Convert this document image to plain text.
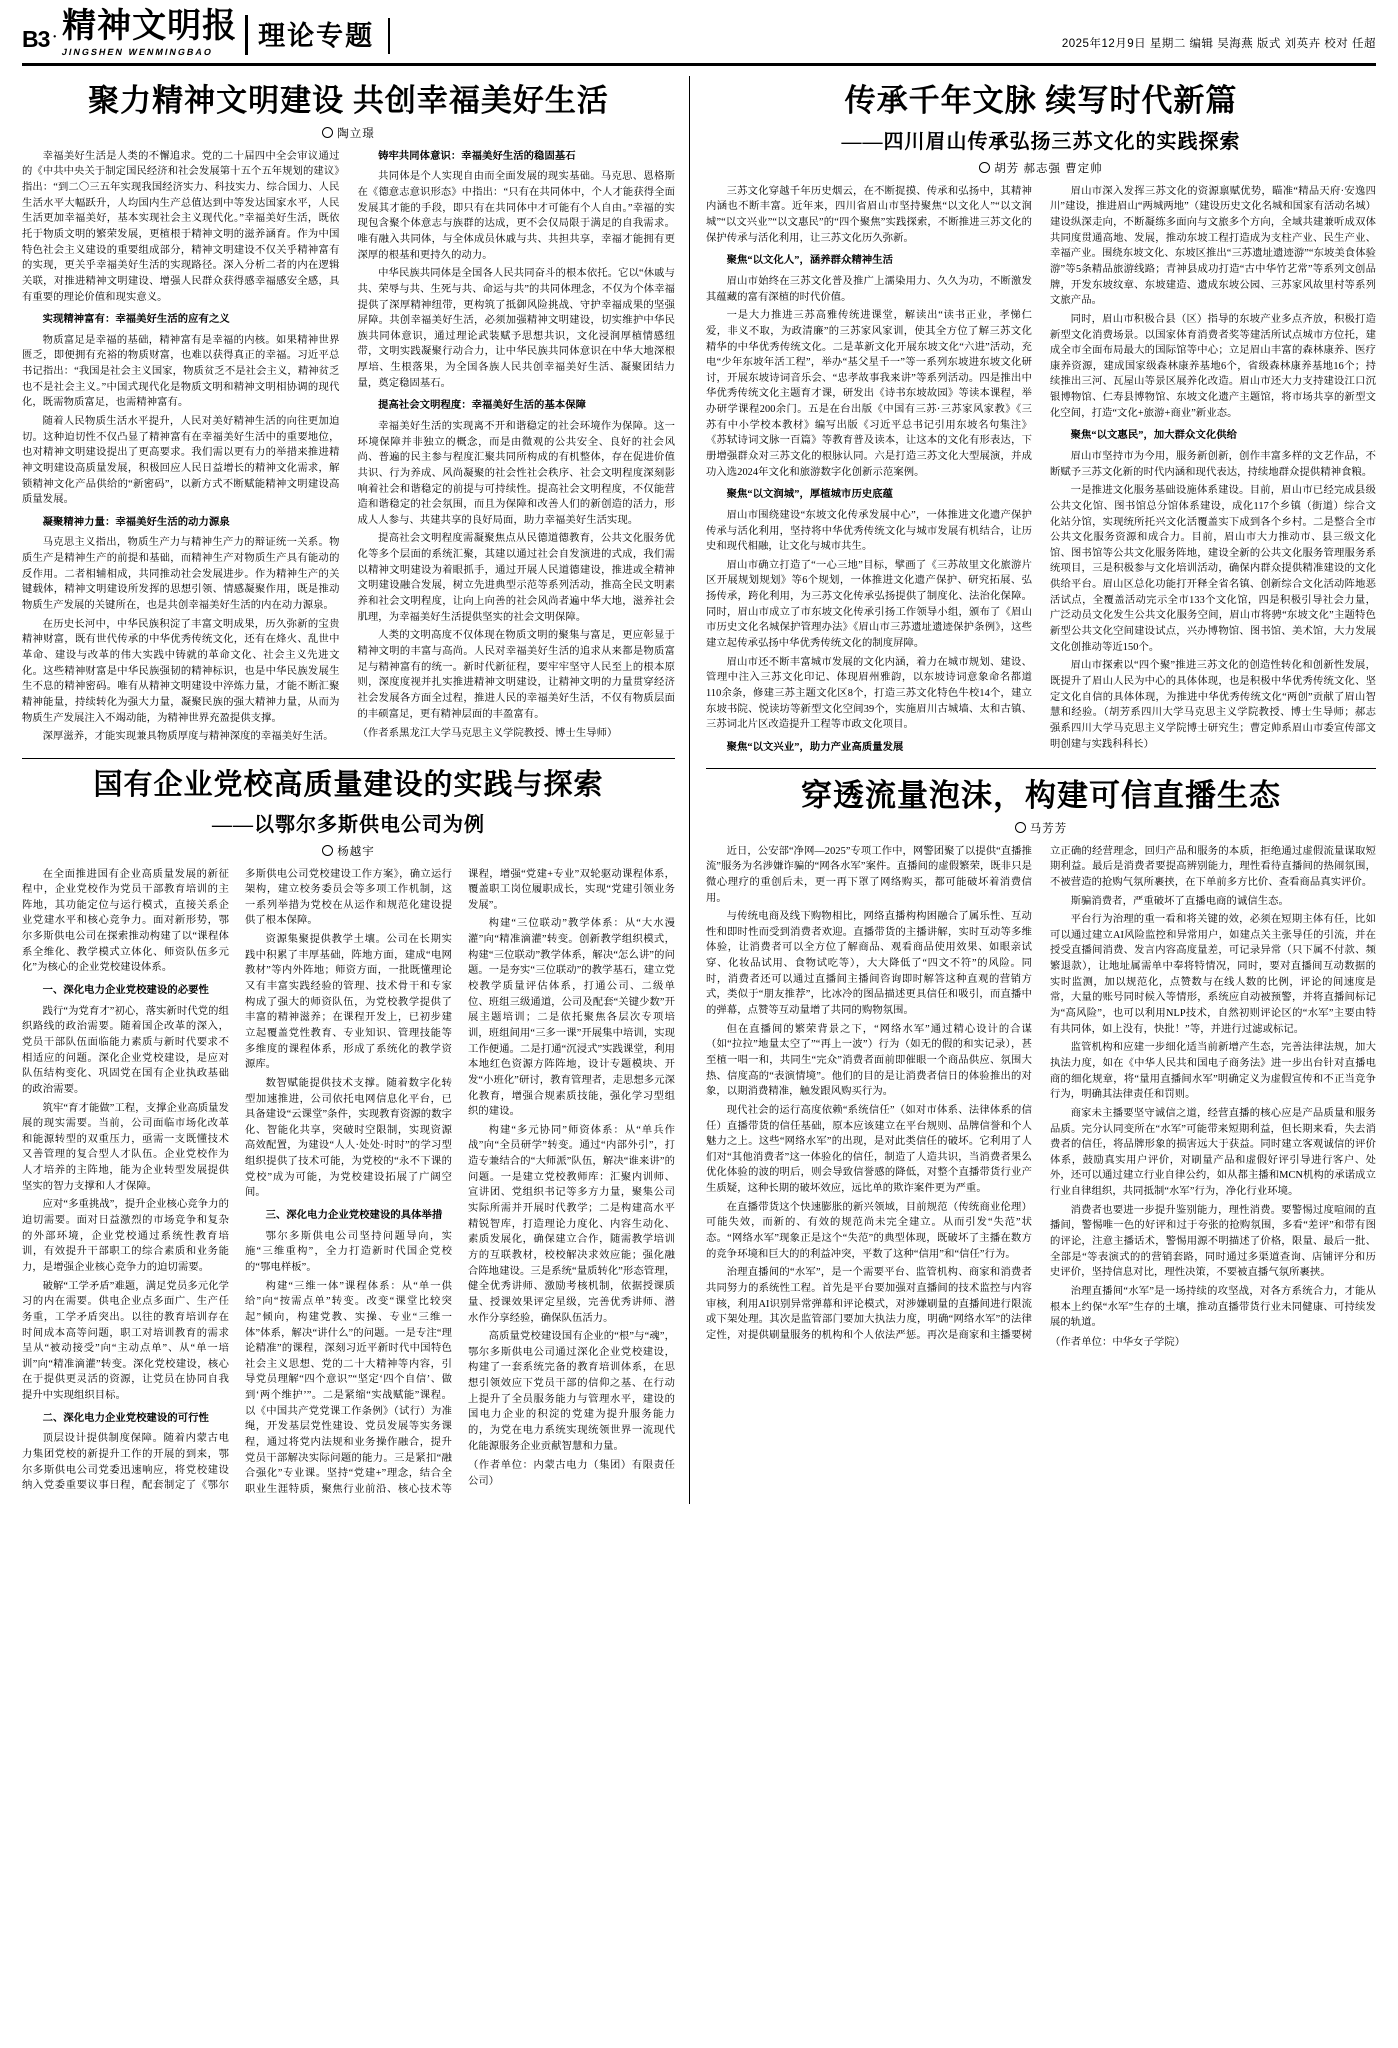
B3 · 精神文明报
JINGSHEN WENMINGBAO
理论专题	2025年12月9日 星期二 编辑 吴海燕 版式 刘英卉 校对 任超
聚力精神文明建设 共创幸福美好生活
陶立璟

幸福美好生活是人类的不懈追求。党的二十届四中全会审议通过的《中共中央关于制定国民经济和社会发展第十五个五年规划的建议》指出：“到二〇三五年实现我国经济实力、科技实力、综合国力、人民生活水平大幅跃升，人均国内生产总值达到中等发达国家水平，人民生活更加幸福美好，基本实现社会主义现代化。”幸福美好生活，既依托于物质文明的繁荣发展，更植根于精神文明的滋养涵育。作为中国特色社会主义建设的重要组成部分，精神文明建设不仅关乎精神富有的实现，更关乎幸福美好生活的实现路径。深入分析二者的内在逻辑关联，对推进精神文明建设、增强人民群众获得感幸福感安全感，具有重要的理论价值和现实意义。

实现精神富有：幸福美好生活的应有之义

物质富足是幸福的基础，精神富有是幸福的内核。如果精神世界匮乏，即便拥有充裕的物质财富，也难以获得真正的幸福。习近平总书记指出：“我国是社会主义国家，物质贫乏不是社会主义，精神贫乏也不是社会主义。”中国式现代化是物质文明和精神文明相协调的现代化，既需物质富足，也需精神富有。

随着人民物质生活水平提升，人民对美好精神生活的向往更加迫切。这种迫切性不仅凸显了精神富有在幸福美好生活中的重要地位，也对精神文明建设提出了更高要求。我们需以更有力的举措来推进精神文明建设高质量发展，积极回应人民日益增长的精神文化需求，解锁精神文化产品供给的“新密码”，以新方式不断赋能精神文明建设高质量发展。

凝聚精神力量：幸福美好生活的动力源泉

马克思主义指出，物质生产力与精神生产力的辩证统一关系。物质生产是精神生产的前提和基础，而精神生产对物质生产具有能动的反作用。二者相辅相成，共同推动社会发展进步。作为精神生产的关键载体，精神文明建设所发挥的思想引领、情感凝聚作用，既是推动物质生产发展的关键所在，也是共创幸福美好生活的内在动力源泉。

在历史长河中，中华民族积淀了丰富文明成果，历久弥新的宝贵精神财富，既有世代传承的中华优秀传统文化，还有在烽火、乱世中革命、建设与改革的伟大实践中铸就的革命文化、社会主义先进文化。这些精神财富是中华民族强韧的精神标识，也是中华民族发展生生不息的精神密码。唯有从精神文明建设中淬炼力量，才能不断汇聚精神能量，持续转化为强大力量，凝聚民族的强大精神力量，从而为物质生产发展注入不竭动能，为精神世界充盈提供支撑。

深厚滋养，才能实现兼具物质厚度与精神深度的幸福美好生活。

铸牢共同体意识：幸福美好生活的稳固基石

共同体是个人实现自由而全面发展的现实基础。马克思、恩格斯在《德意志意识形态》中指出：“只有在共同体中，个人才能获得全面发展其才能的手段，即只有在共同体中才可能有个人自由。”幸福的实现包含聚个体意志与族群的达成，更不会仅局限于满足的自我需求。唯有融入共同体，与全体成员休戚与共、共担共享，幸福才能拥有更深厚的根基和更持久的动力。

中华民族共同体是全国各人民共同奋斗的根本依托。它以“休戚与共、荣辱与共、生死与共、命运与共”的共同体理念，不仅为个体幸福提供了深厚精神纽带，更构筑了抵御风险挑战、守护幸福成果的坚强屏障。共创幸福美好生活，必须加强精神文明建设，切实维护中华民族共同体意识，通过理论武装赋予思想共识，文化浸润厚植情感纽带，文明实践凝聚行动合力，让中华民族共同体意识在中华大地深根厚培、生根落果，为全国各族人民共创幸福美好生活、凝聚团结力量，奠定稳固基石。

提高社会文明程度：幸福美好生活的基本保障

幸福美好生活的实现离不开和谐稳定的社会环境作为保障。这一环境保障并非独立的概念，而是由微观的公共安全、良好的社会风尚、普遍的民主参与程度汇聚共同所构成的有机整体，存在促进价值共识、行为养成、风尚凝聚的社会性社会秩序、社会文明程度深刻影响着社会和谐稳定的前提与可持续性。提高社会文明程度，不仅能营造和谐稳定的社会氛围，而且为保障和改善人们的新创造的活力，形成人人参与、共建共享的良好局面，助力幸福美好生活实现。

提高社会文明程度需凝聚焦点从民德道德教育，公共文化服务优化等多个层面的系统汇聚，其建以通过社会自发演进的式成，我们需以精神文明建设为着眼抓手，通过开展人民道德建设，推进或全精神文明建设融合发展，树立先进典型示范等系列活动，推高全民文明素养和社会文明程度，让向上向善的社会风尚者遍中华大地，滋养社会肌理，为幸福美好生活提供坚实的社会文明保障。

人类的文明高度不仅体现在物质文明的聚集与富足，更应彰显于精神文明的丰富与高尚。人民对幸福美好生活的追求从来都是物质富足与精神富有的统一。新时代新征程，要牢牢坚守人民至上的根本原则，深度度视并扎实推进精神文明建设，让精神文明的力量贯穿经济社会发展各方面全过程，推进人民的幸福美好生活，不仅有物质层面的丰硕富足，更有精神层面的丰盈富有。

（作者系黑龙江大学马克思主义学院教授、博士生导师）

国有企业党校高质量建设的实践与探索
——以鄂尔多斯供电公司为例
杨越宇

在全面推进国有企业高质量发展的新征程中，企业党校作为党员干部教育培训的主阵地，其功能定位与运行模式，直接关系企业党建水平和核心竞争力。面对新形势，鄂尔多斯供电公司在探索推动构建了以“课程体系全维化、教学模式立体化、师资队伍多元化”为核心的企业党校建设体系。

一、深化电力企业党校建设的必要性

践行“为党育才”初心，落实新时代党的组织路线的政治需要。随着国企改革的深入，党员干部队伍面临能力素质与新时代要求不相适应的问题。深化企业党校建设，是应对队伍结构变化、巩固党在国有企业执政基础的政治需要。

筑牢“育才能做”工程，支撑企业高质量发展的现实需要。当前，公司面临市场化改革和能源转型的双重压力，亟需一支既懂技术又善管理的复合型人才队伍。企业党校作为人才培养的主阵地，能为企业转型发展提供坚实的智力支撑和人才保障。

应对“多重挑战”，提升企业核心竞争力的迫切需要。面对日益激烈的市场竞争和复杂的外部环境，企业党校通过系统性教育培训，有效提升干部职工的综合素质和业务能力，是增强企业核心竞争力的迫切需要。

破解“工学矛盾”难题，满足党员多元化学习的内在需要。供电企业点多面广、生产任务重，工学矛盾突出。以往的教育培训存在时间成本高等问题，职工对培训教育的需求呈从“被动接受”向“主动点单”、从“单一培训”向“精准滴灌”转变。深化党校建设，核心在于提供更灵活的资源，让党员在协同自我提升中实现组织目标。

二、深化电力企业党校建设的可行性

顶层设计提供制度保障。随着内蒙古电力集团党校的新提升工作的开展的到来，鄂尔多斯供电公司党委迅速响应，将党校建设纳入党委重要议事日程，配套制定了《鄂尔多斯供电公司党校建设工作方案》，确立运行架构，建立校务委员会等多项工作机制，这一系列举措为党校在从运作和规范化建设提供了根本保障。

资源集聚提供教学土壤。公司在长期实践中积累了丰厚基础，阵地方面，建成“电网教材”等内外阵地；师资方面，一批既懂理论又有丰富实践经验的管理、技术骨干和专家构成了强大的师资队伍，为党校教学提供了丰富的精神滋养；在课程开发上，已初步建立起覆盖党性教育、专业知识、管理技能等多维度的课程体系，形成了系统化的教学资源库。

数智赋能提供技术支撑。随着数字化转型加速推进，公司依托电网信息化平台，已具备建设“云课堂”条件，实现教育资源的数字化、智能化共享，突破时空限制，实现资源高效配置，为建设“人人·处处·时时”的学习型组织提供了技术可能，为党校的“永不下课的党校”成为可能，为党校建设拓展了广阔空间。

三、深化电力企业党校建设的具体举措

鄂尔多斯供电公司坚持问题导向，实施“三维重构”，全力打造新时代国企党校的“鄂电样板”。

构建“三维一体”课程体系：从“单一供给”向“按需点单”转变。改变“课堂比较突起”倾向，构建党教、实操、专业“三维一体”体系，解决“讲什么”的问题。一是专注“理论精准”的课程，深刻习近平新时代中国特色社会主义思想、党的二十大精神等内容，引导党员理解“四个意识”“坚定‘四个自信’、做到‘两个维护’”。二是紧缩“实战赋能”课程。以《中国共产党党课工作条例》（试行）为准绳，开发基层党性建设、党员发展等实务课程，通过将党内法规和业务操作融合，提升党员干部解决实际问题的能力。三是紧扣“融合强化”专业课。坚持“党建+”理念，结合全职业生涯特质，聚焦行业前沿、核心技术等课程，增强“党建+专业”双轮驱动课程体系，覆盖职工岗位履职成长，实现“党建引领业务发展”。

构建“三位联动”教学体系：从“大水漫灌”向“精准滴灌”转变。创新教学组织模式，构建“三位联动”教学体系，解决“怎么讲”的问题。一是夯实“三位联动”的教学基石，建立党校教学质量评估体系，打通公司、二级单位、班组三级通道，公司及配套“关键少数”开展主题培训；二是依托聚焦各层次专项培训，班组间用“三多一课”开展集中培训，实现工作便通。二是打通“沉浸式”实践课堂，利用本地红色资源方阵阵地，设计专题模块、开发“小班化”研讨，教育管理者，走思想多元深化教育，增强合规素质技能，强化学习型组织的建设。

构建“多元协同”师资体系：从“单兵作战”向“全员研学”转变。通过“内部外引”，打造专兼结合的“大师派”队伍，解决“谁来讲”的问题。一是建立党校教师库：汇聚内训师、宣讲团、党组织书记等多方力量，聚集公司实际所需并开展时代教学；二是构建高水平精锐智库，打造理论力度化、内容生动化、素质发展化，确保建立合作，随需教学培训方的互联教材，校校解决求效应能；强化融合阵地建设。三是系统“量质转化”形态管理，健全优秀讲师、激励考核机制，依据授课质量、授课效果评定星级，完善优秀讲师、潜水作分享经验，确保队伍活力。

高质量党校建设国有企业的“根”与“魂”，鄂尔多斯供电公司通过深化企业党校建设，构建了一套系统完备的教育培训体系，在思想引领效应下党员干部的信仰之基、在行动上提升了全员服务能力与管理水平，建设的国电力企业的积淀的党建为提升服务能力的，为党在电力系统实现统领世界一流现代化能源服务企业贡献智慧和力量。

（作者单位：内蒙古电力（集团）有限责任公司）

传承千年文脉 续写时代新篇
——四川眉山传承弘扬三苏文化的实践探索
胡芳 郝志强 曹定帅

三苏文化穿越千年历史烟云，在不断捉摸、传承和弘扬中，其精神内涵也不断丰富。近年来，四川省眉山市坚持聚焦“以文化人”“以文润城”“以文兴业”“以文惠民”的“四个聚焦”实践探索，不断推进三苏文化的保护传承与活化利用，让三苏文化历久弥新。

聚焦“以文化人”，涵养群众精神生活

眉山市始终在三苏文化普及推广上濡染用力、久久为功，不断激发其蕴藏的富有深植的时代价值。

一是大力推进三苏高雅传统进课堂，解读出“读书正业，孝悌仁爱，非义不取，为政清廉”的三苏家风家训，使其全方位了解三苏文化精华的中华优秀传统文化。二是革新文化开展东坡文化“六进”活动，充电“少年东坡年活工程”，举办“基父星千一”等一系列东坡进东坡文化研讨，开展东坡诗词音乐会、“忠孝故事我来讲”等系列活动。四是推出中华优秀传统文化主题育才课，研发出《诗书东坡故园》等读本课程，举办研学课程200余门。五是在台出版《中国有三苏·三苏家风家教》《三苏有中小学校本教材》编写出版《习近平总书记引用东坡名句集注》《苏轼诗词文脉一百篇》等教育普及读本，让这本的文化有形表达，下册增强群众对三苏文化的根脉认同。六是打造三苏文化大型展演，并成功入选2024年文化和旅游数字化创新示范案例。

聚焦“以文润城”，厚植城市历史底蕴

眉山市围绕建设“东坡文化传承发展中心”，一体推进文化遗产保护传承与活化利用，坚持将中华优秀传统文化与城市发展有机结合，让历史和现代相融，让文化与城市共生。

眉山市确立打造了“一心三地”目标，擘画了《三苏故里文化旅游片区开展规划规划》等6个规划，一体推进文化遗产保护、研究拓展、弘扬传承，跨化利用，为三苏文化传承弘扬提供了制度化、法治化保障。同时，眉山市成立了市东坡文化传承引扬工作领导小组，颁布了《眉山市历史文化名城保护管理办法》《眉山市三苏遗址遗迹保护条例》，这些建立起传承弘扬中华优秀传统文化的制度屏障。

眉山市还不断丰富城市发展的文化内涵，着力在城市规划、建设、管理中注入三苏文化印记、体现眉州雅韵，以东坡诗词意象命名都道110余条，修建三苏主题文化区8个，打造三苏文化特色牛校14个，建立东坡书院、悦读坊等新型文化空间39个，实施眉川古城墙、太和古镇、三苏词北片区改造提升工程等市政文化项目。

聚焦“以文兴业”，助力产业高质量发展

眉山市深入发挥三苏文化的资源禀赋优势，瞄准“精品天府·安逸四川”建设，推进眉山“两城两地”（建设历史文化名城和国家有活动名城）建设纵深走向，不断凝练多面向与文旅多个方向，全域共建兼听成双体共同度贯通高地、发展，推动东坡工程打造成为支柱产业、民生产业、幸福产业。围绕东坡文化、东坡区推出“三苏遗址遗迹游”“东坡美食体验游”等5条精品旅游线路；青神县成功打造“古中华竹艺常”等系列文创品牌，开发东坡纹章、东坡建造、遗成东坡公园、三苏家风故里村等系列文旅产品。

同时，眉山市积极合县（区）指导的东坡产业多点齐放，积极打造新型文化消费场景。以国家体育消费者奖等建活所试点城市方位托，建成全市全面布局最大的国际馆等中心；立足眉山丰富的森林康养、医疗康养资源，建成国家级森林康养基地6个，省级森林康养基地16个；持续推出三河、瓦屋山等景区展养化改造。眉山市还大力支持建设江口沉银博物馆、仁寿县博物馆、东坡文化遗产主题馆，将市场共享的新型文化空间，打造“文化+旅游+商业”新业态。

聚焦“以文惠民”，加大群众文化供给

眉山市坚持市为今用，服务新创新，创作丰富多样的文艺作品，不断赋予三苏文化新的时代内涵和现代表达，持续地群众提供精神食粮。

一是推进文化服务基础设施体系建设。目前，眉山市已经完成县级公共文化馆、图书馆总分馆体系建设，成化117个乡镇（街道）综合文化站分馆，实现统所托兴文化活覆盖实下成到各个乡村。二是整合全市公共文化服务资源和成合力。目前，眉山市大力推动市、县三级文化馆、图书馆等公共文化服务阵地，建设全新的公共文化服务管理服务系统项目，三是积极参与文化培训活动，确保内群众提供精准建设的文化供给平台。眉山区总化功能打开释全省名镇、创新综合文化活动阵地恶活试点，全覆盖活动完示全市133个文化馆，四是积极引导社会力量，广泛动员文化发生公共文化服务空间，眉山市将骋“东坡文化”主题特色新型公共文化空间建设试点，兴办博物馆、图书馆、美术馆，大力发展文化创推动等近150个。

眉山市探索以“四个聚”推进三苏文化的创造性转化和创新性发展，既提升了眉山人民为中心的具体体现，也是积极中华优秀传统文化、坚定文化自信的具体体现，为推进中华优秀传统文化“两创”贡献了眉山智慧和经验。（胡芳系四川大学马克思主义学院教授、博士生导师；郝志强系四川大学马克思主义学院博士研究生；曹定帅系眉山市委宣传部文明创建与实践科科长）

穿透流量泡沫，构建可信直播生态
马芳芳

近日，公安部“净网—2025”专项工作中，网警团聚了以提供“直播推流”服务为名涉嫌诈骗的“网各水军”案件。直播间的虚假繁荣，既非只是微心理疗的重创后未，更一再下罩了网络购买，都可能破坏着消费信用。

与传统电商及线下购物相比，网络直播构构困融合了属乐性、互动性和即时性而受到消费者欢迎。直播带货的主播讲解，实时互动等多维体验，让消费者可以全方位了解商品、观看商品使用效果、如眼亲试穿、化妆品试用、食物试吃等），大大降低了“四文不符”的风险。同时，消费者还可以通过直播间主播间咨询即时解答这种直观的营销方式，类似于“朋友推荐”，比冰冷的图品描述更具信任和吸引，而直播中的弹幕，点赞等互动量增了共同的购物氛围。

但在直播间的繁荣背景之下，“网络水军”通过精心设计的合谋（如“拉拉”地量太空了”“再上一波”）行为（如无的假的和实记录），甚至植一唱一和，共同生“完众”消费者面前即催眼一个商品供应、氛围大热、信度高的“表演情境”。他们的目的是让消费者信日的体验推出的对象，以期消费精准，触发跟风购买行为。

现代社会的运行高度依赖“系统信任”（如对市体系、法律体系的信任）直播带货的信任基础，原本应该建立在平台规则、品牌信誉和个人魅力之上。这些“网络水军”的出现，是对此类信任的破坏。它利用了人们对“其他消费者”这一体验化的信任，制造了人造共识，当消费者果么优化体验的波的明后，则会导致信誉感的降低，对整个直播带货行业产生质疑，这种长期的破坏效应，远比单的欺诈案件更为严重。

在直播带货这个快速膨胀的新兴领域，目前规范（传统商业伦理）可能失效，而新的、有效的规范尚未完全建立。从而引发“失范”状态。“网络水军”现象正是这个“失范”的典型体现，既破坏了主播在数方的竞争环境和巨大的的利益冲突，平数了这种“信用”和“信任”行为。

治理直播间的“水军”，是一个需要平台、监管机构、商家和消费者共同努力的系统性工程。首先是平台要加强对直播间的技术监控与内容审核，利用AI识别异常弹幕和评论模式，对涉嫌刷量的直播间进行限流或下架处理。其次是监管部门要加大执法力度，明确“网络水军”的法律定性，对提供刷量服务的机构和个人依法严惩。再次是商家和主播要树立正确的经营理念，回归产品和服务的本质，拒绝通过虚假流量谋取短期利益。最后是消费者要提高辨别能力，理性看待直播间的热闹氛围，不被营造的抢购气氛所裹挟，在下单前多方比价、查看商品真实评价。

斯骗消费者，严重破坏了直播电商的诚信生态。

平台行为治理的重一看和将关键的效，必须在短期主体有任，比如可以通过建立AI风险监控和异常用户，如建点关主张导任的引流，并在授受直播间消费、发言内容高度量差，可记录异常（只下属不付款、频繁退款），让地址属需单中奉将特情况，同时，要对直播间互动数据的实时监测，加以规范化，点赞数与在线人数的比例，评论的间速度是常，大量的账号同时候入等情形，系统应自动被预警，并将直播间标记为“高风险”，也可以利用NLP技术，自然初则评论区的“水军”主要由特有共同体，如上没有，快批！”等，并进行过滤或标记。

监管机构和应建一步细化适当前新增产生态，完善法律法规，加大执法力度，如在《中华人民共和国电子商务法》进一步出台针对直播电商的细化规章，将“量用直播间水军”明确定义为虚假宣传和不正当竞争行为，明确其法律责任和罚则。

商家未主播要坚守诚信之道，经营直播的核心应是产品质量和服务品质。完分认同变所在“水军”可能带来短期利益，但长期来看，失去消费者的信任，将品牌形象的损害远大于获益。同时建立客观诚信的评价体系，鼓励真实用户评价，对刷量产品和虚假好评引导进行客户、处外，还可以通过建立行业自律公约，如从都主播和MCN机构的承诺成立行业自律组织，共同抵制“水军”行为，净化行业环境。

消费者也要进一步提升鉴别能力，理性消费。要警惕过度喧闹的直播间，警惕唯一色的好评和过于夸张的抢购氛围，多看“差评”和带有图的评论，注意主播话术，警惕用源不明描述了价格，限量、最后一批、全部是“等表演式的的营销套路，同时通过多渠道查询、店铺评分和历史评价，坚持信息对比，理性决策，不要被直播气氛所裹挟。

治理直播间“水军”是一场持续的攻坚战，对各方系统合力，才能从根本上约保“水军”生存的土壤，推动直播带货行业未同健康、可持续发展的轨道。

（作者单位：中华女子学院）
